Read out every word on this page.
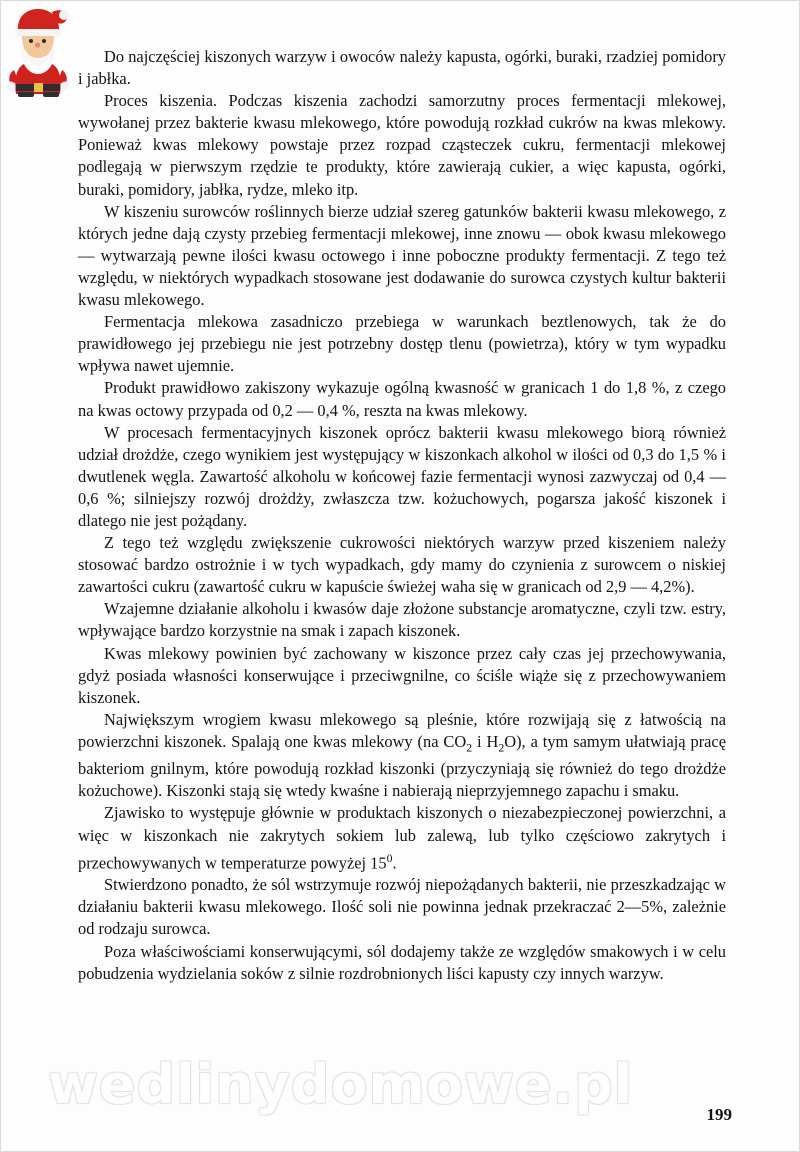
Do najczęściej kiszonych warzyw i owoców należy kapusta, ogórki, buraki, rzadziej pomidory i jabłka.

Proces kiszenia. Podczas kiszenia zachodzi samorzutny proces fermentacji mlekowej, wywołanej przez bakterie kwasu mlekowego, które powodują rozkład cukrów na kwas mlekowy. Ponieważ kwas mlekowy powstaje przez rozpad cząsteczek cukru, fermentacji mlekowej podlegają w pierwszym rzędzie te produkty, które zawierają cukier, a więc kapusta, ogórki, buraki, pomidory, jabłka, rydze, mleko itp.

W kiszeniu surowców roślinnych bierze udział szereg gatunków bakterii kwasu mlekowego, z których jedne dają czysty przebieg fermentacji mlekowej, inne znowu — obok kwasu mlekowego — wytwarzają pewne ilości kwasu octowego i inne poboczne produkty fermentacji. Z tego też względu, w niektórych wypadkach stosowane jest dodawanie do surowca czystych kultur bakterii kwasu mlekowego.

Fermentacja mlekowa zasadniczo przebiega w warunkach beztlenowych, tak że do prawidłowego jej przebiegu nie jest potrzebny dostęp tlenu (powietrza), który w tym wypadku wpływa nawet ujemnie.

Produkt prawidłowo zakiszony wykazuje ogólną kwasność w granicach 1 do 1,8 %, z czego na kwas octowy przypada od 0,2 — 0,4 %, reszta na kwas mlekowy.

W procesach fermentacyjnych kiszonek oprócz bakterii kwasu mlekowego biorą również udział drożdże, czego wynikiem jest występujący w kiszonkach alkohol w ilości od 0,3 do 1,5 % i dwutlenek węgla. Zawartość alkoholu w końcowej fazie fermentacji wynosi zazwyczaj od 0,4 — 0,6 %; silniejszy rozwój drożdży, zwłaszcza tzw. kożuchowych, pogarsza jakość kiszonek i dlatego nie jest pożądany.

Z tego też względu zwiększenie cukrowości niektórych warzyw przed kiszeniem należy stosować bardzo ostrożnie i w tych wypadkach, gdy mamy do czynienia z surowcem o niskiej zawartości cukru (zawartość cukru w kapuście świeżej waha się w granicach od 2,9 — 4,2%).

Wzajemne działanie alkoholu i kwasów daje złożone substancje aromatyczne, czyli tzw. estry, wpływające bardzo korzystnie na smak i zapach kiszonek.

Kwas mlekowy powinien być zachowany w kiszonce przez cały czas jej przechowywania, gdyż posiada własności konserwujące i przeciwgnilne, co ściśle wiąże się z przechowywaniem kiszonek.

Największym wrogiem kwasu mlekowego są pleśnie, które rozwijają się z łatwością na powierzchni kiszonek. Spalają one kwas mlekowy (na $CO_2$ i $H_2O$), a tym samym ułatwiają pracę bakteriom gnilnym, które powodują rozkład kiszonki (przyczyniają się również do tego drożdże kożuchowe). Kiszonki stają się wtedy kwaśne i nabierają nieprzyjemnego zapachu i smaku.

Zjawisko to występuje głównie w produktach kiszonych o niezabezpieczonej powierzchni, a więc w kiszonkach nie zakrytych sokiem lub zalewą, lub tylko częściowo zakrytych i przechowywanych w temperaturze powyżej $15^0$.

Stwierdzono ponadto, że sól wstrzymuje rozwój niepożądanych bakterii, nie przeszkadzając w działaniu bakterii kwasu mlekowego. Ilość soli nie powinna jednak przekraczać 2—5%, zależnie od rodzaju surowca.

Poza właściwościami konserwującymi, sól dodajemy także ze względów smakowych i w celu pobudzenia wydzielania soków z silnie rozdrobnionych liści kapusty czy innych warzyw.

wedlinydomowe.pl	199
